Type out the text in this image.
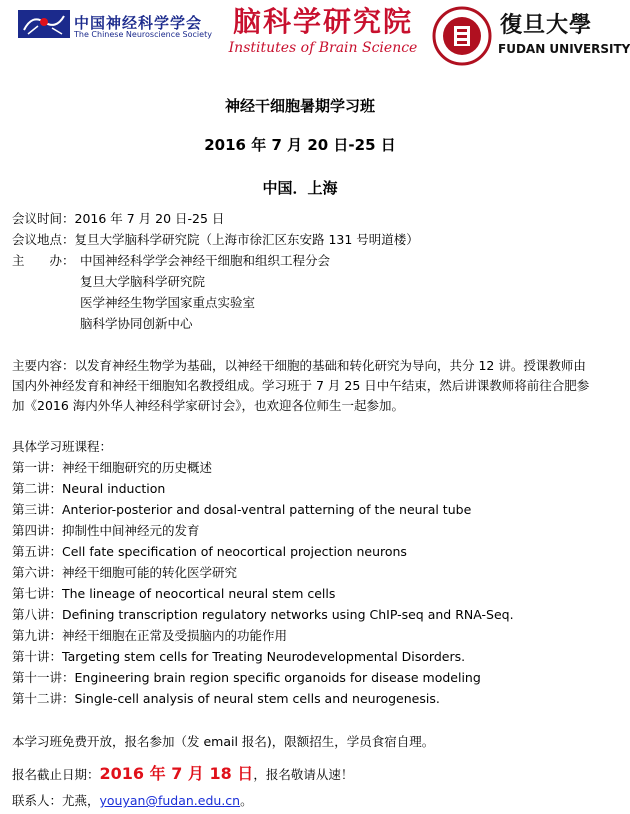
中国神经科学学会
The Chinese Neuroscience Society 脑科学研究院
Institutes of Brain Science
復旦大學
FUDAN UNIVERSITY
神经干细胞暑期学习班
2016 年 7 月 20 日-25 日
中国．上海
会议时间：2016 年 7 月 20 日-25 日
会议地点：复旦大学脑科学研究院（上海市徐汇区东安路 131 号明道楼）
主　　办： 中国神经科学学会神经干细胞和组织工程分会
复旦大学脑科学研究院
医学神经生物学国家重点实验室
脑科学协同创新中心
主要内容：以发育神经生物学为基础，以神经干细胞的基础和转化研究为导向，共分 12 讲。授课教师由国内外神经发育和神经干细胞知名教授组成。学习班于 7 月 25 日中午结束，然后讲课教师将前往合肥参加《2016 海内外华人神经科学家研讨会》，也欢迎各位师生一起参加。
具体学习班课程：
第一讲：神经干细胞研究的历史概述
第二讲：Neural induction
第三讲：Anterior-posterior and dosal-ventral patterning of the neural tube
第四讲：抑制性中间神经元的发育
第五讲：Cell fate specification of neocortical projection neurons
第六讲：神经干细胞可能的转化医学研究
第七讲：The lineage of neocortical neural stem cells
第八讲：Defining transcription regulatory networks using ChIP-seq and RNA-Seq.
第九讲：神经干细胞在正常及受损脑内的功能作用
第十讲：Targeting stem cells for Treating Neurodevelopmental Disorders.
第十一讲：Engineering brain region specific organoids for disease modeling
第十二讲：Single-cell analysis of neural stem cells and neurogenesis.
本学习班免费开放，报名参加（发 email 报名)，限额招生，学员食宿自理。
报名截止日期：2016 年 7 月 18 日，报名敬请从速！
联系人：尤燕，youyan@fudan.edu.cn。
